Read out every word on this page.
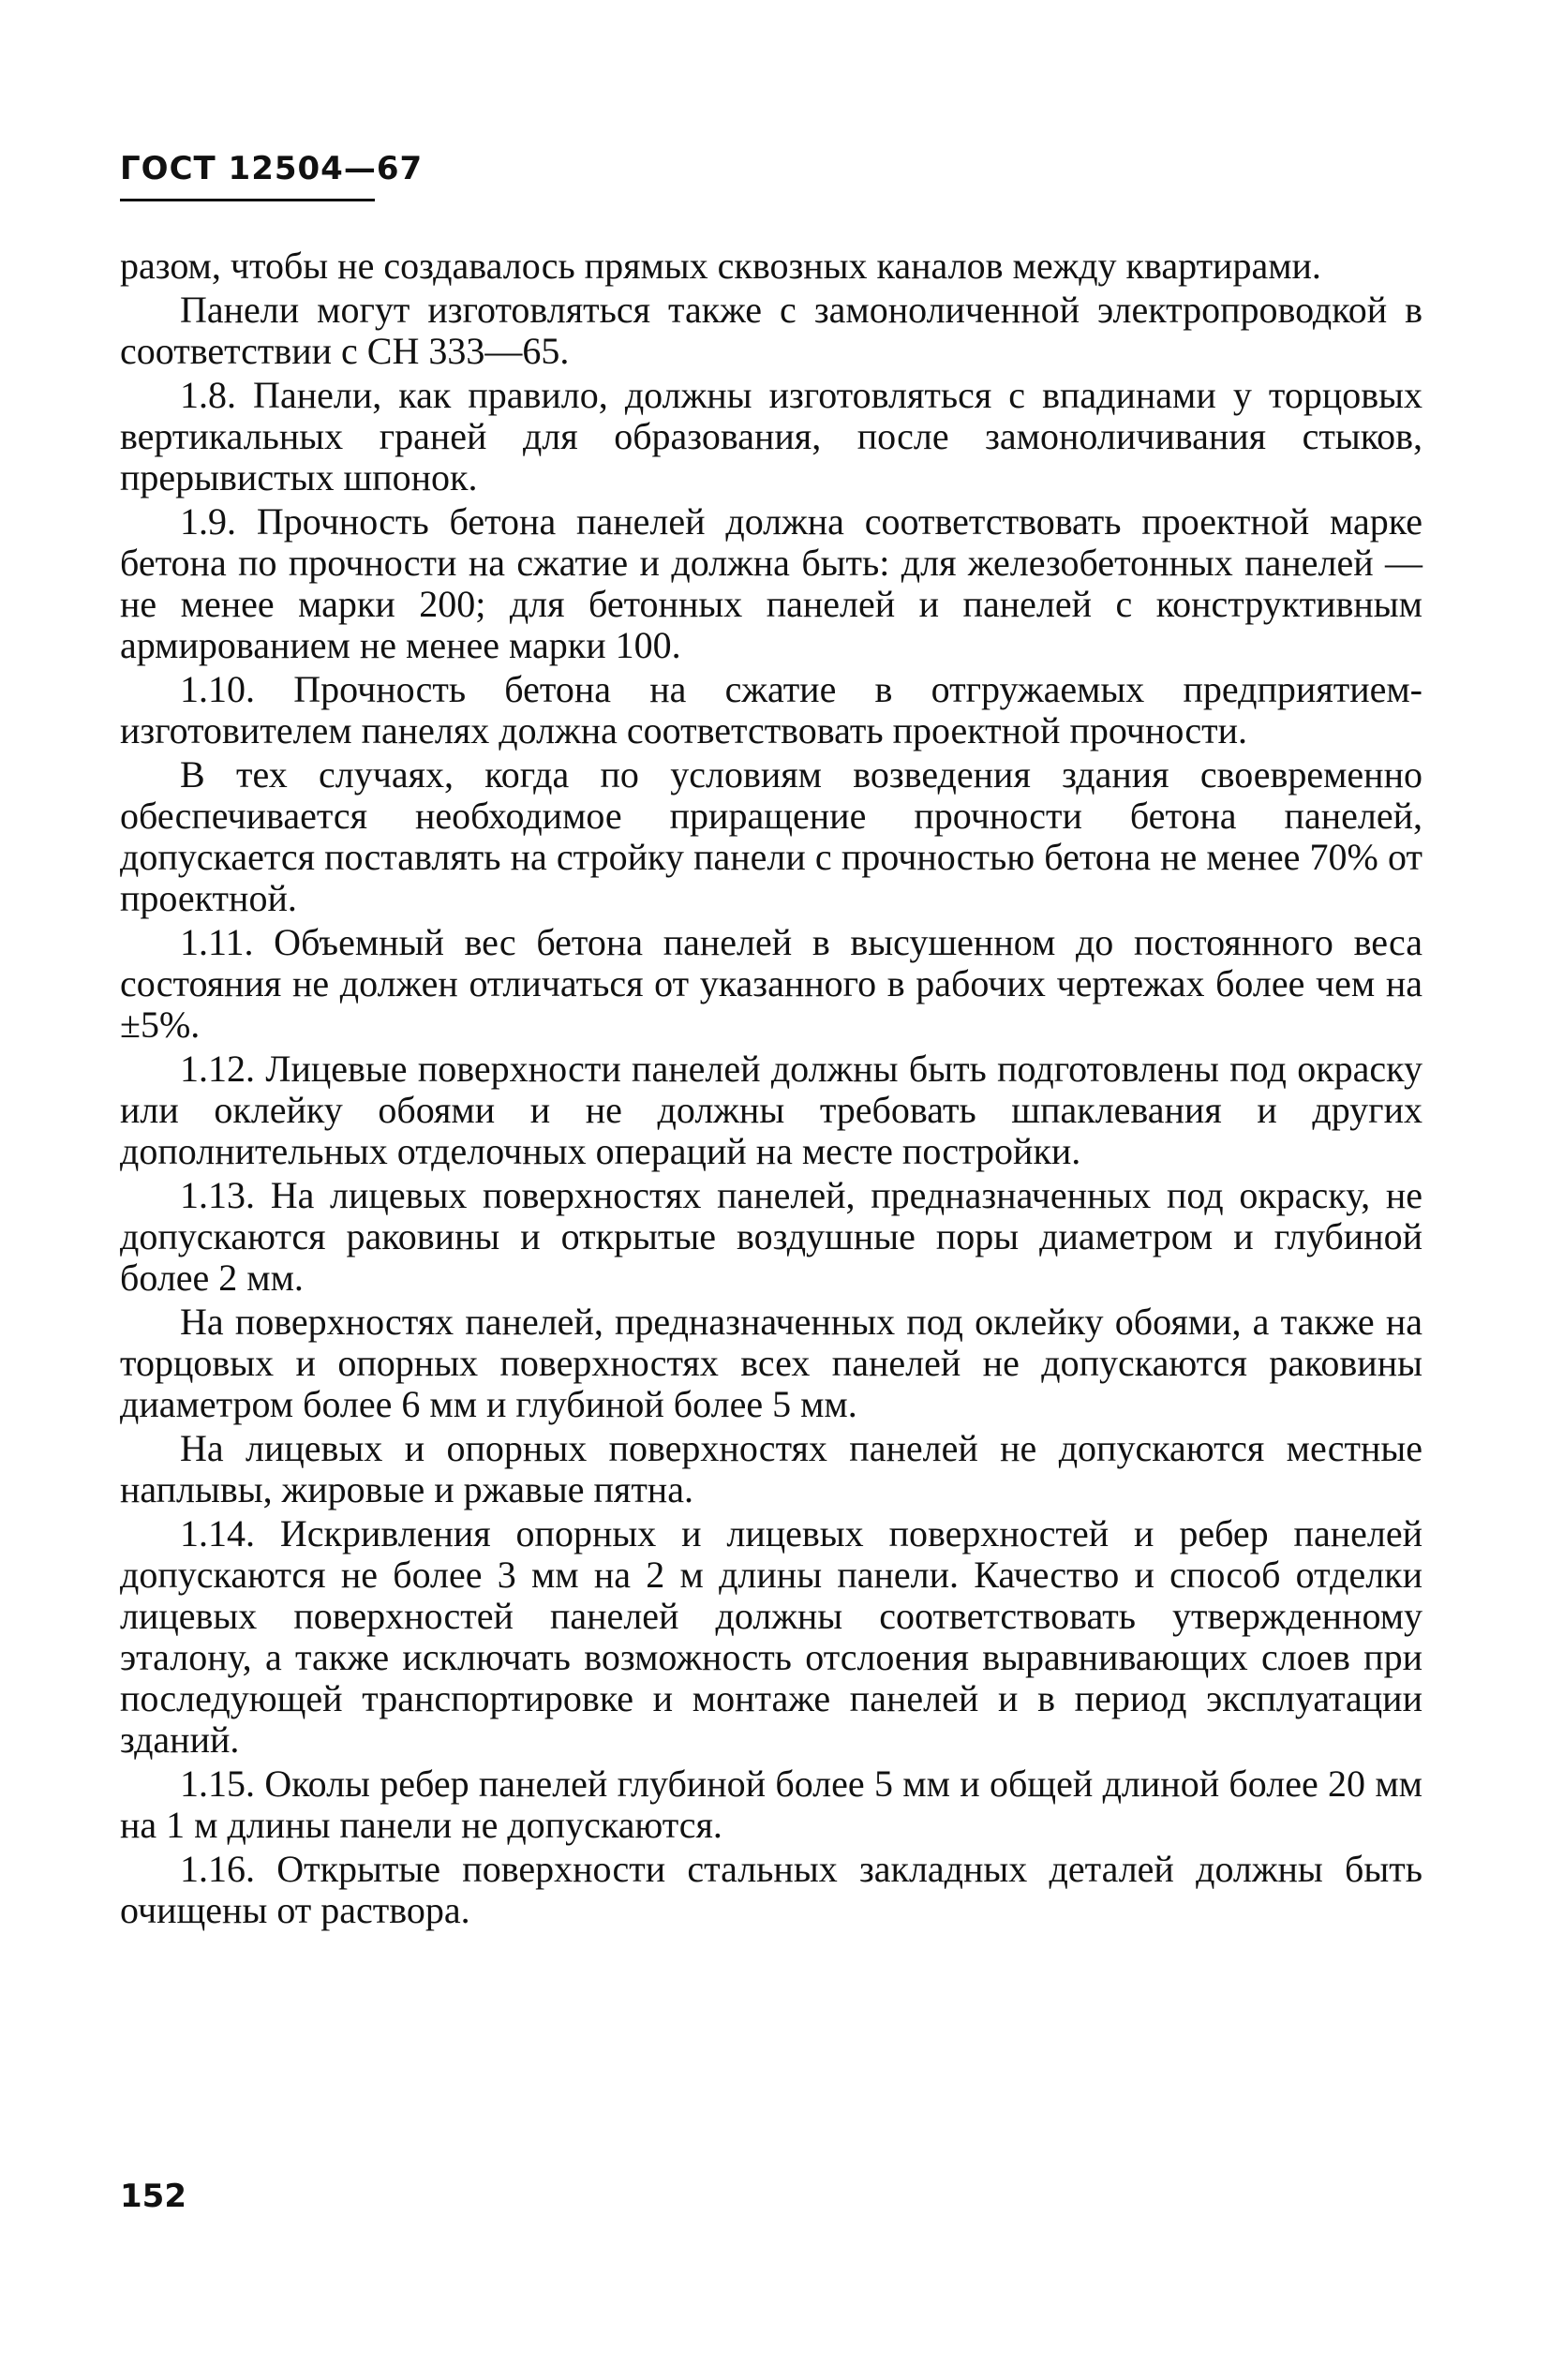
ГОСТ 12504—67

разом, чтобы не создавалось прямых сквозных каналов между квартирами.

Панели могут изготовляться также с замоноличенной электропроводкой в соответствии с СН 333—65.

1.8. Панели, как правило, должны изготовляться с впадинами у торцовых вертикальных граней для образования, после замоноличивания стыков, прерывистых шпонок.

1.9. Прочность бетона панелей должна соответствовать проектной марке бетона по прочности на сжатие и должна быть: для железобетонных панелей — не менее марки 200; для бетонных панелей и панелей с конструктивным армированием не менее марки 100.

1.10. Прочность бетона на сжатие в отгружаемых предприятием-изготовителем панелях должна соответствовать проектной прочности.

В тех случаях, когда по условиям возведения здания своевременно обеспечивается необходимое приращение прочности бетона панелей, допускается поставлять на стройку панели с прочностью бетона не менее 70% от проектной.

1.11. Объемный вес бетона панелей в высушенном до постоянного веса состояния не должен отличаться от указанного в рабочих чертежах более чем на ±5%.

1.12. Лицевые поверхности панелей должны быть подготовлены под окраску или оклейку обоями и не должны требовать шпаклевания и других дополнительных отделочных операций на месте постройки.

1.13. На лицевых поверхностях панелей, предназначенных под окраску, не допускаются раковины и открытые воздушные поры диаметром и глубиной более 2 мм.

На поверхностях панелей, предназначенных под оклейку обоями, а также на торцовых и опорных поверхностях всех панелей не допускаются раковины диаметром более 6 мм и глубиной более 5 мм.

На лицевых и опорных поверхностях панелей не допускаются местные наплывы, жировые и ржавые пятна.

1.14. Искривления опорных и лицевых поверхностей и ребер панелей допускаются не более 3 мм на 2 м длины панели. Качество и способ отделки лицевых поверхностей панелей должны соответствовать утвержденному эталону, а также исключать возможность отслоения выравнивающих слоев при последующей транспортировке и монтаже панелей и в период эксплуатации зданий.

1.15. Околы ребер панелей глубиной более 5 мм и общей длиной более 20 мм на 1 м длины панели не допускаются.

1.16. Открытые поверхности стальных закладных деталей должны быть очищены от раствора.

152
